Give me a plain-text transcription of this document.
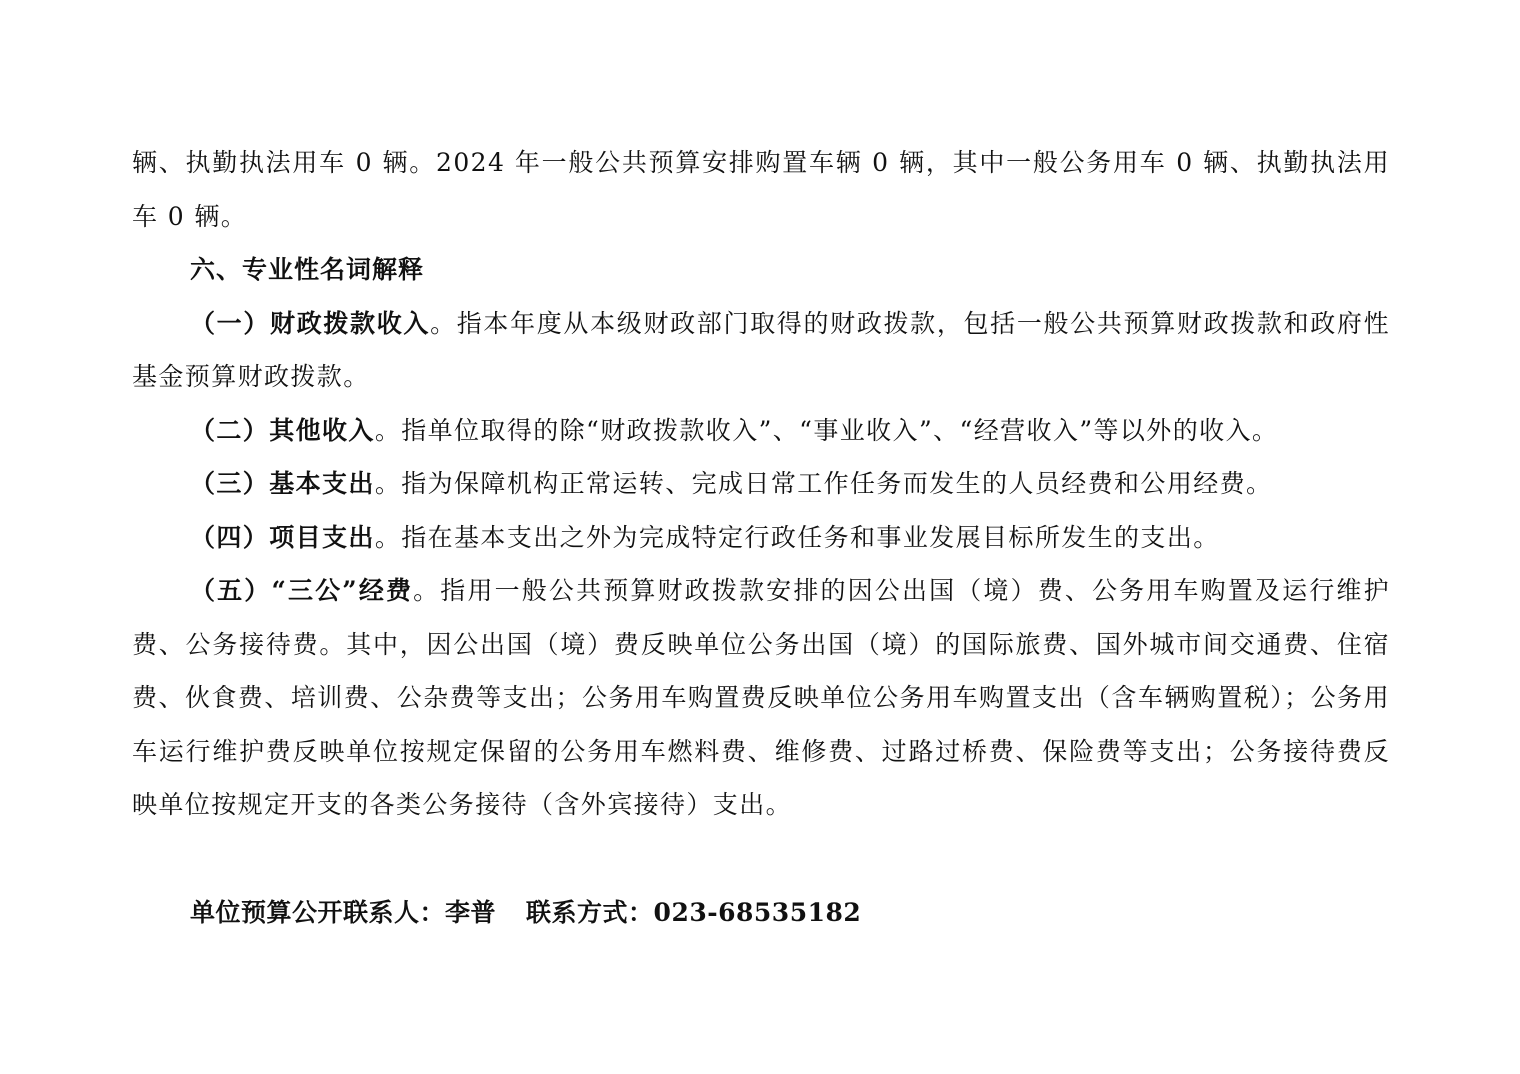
辆、执勤执法用车 0 辆。2024 年一般公共预算安排购置车辆 0 辆，其中一般公务用车 0 辆、执勤执法用车 0 辆。

六、专业性名词解释

（一）财政拨款收入。指本年度从本级财政部门取得的财政拨款，包括一般公共预算财政拨款和政府性基金预算财政拨款。

（二）其他收入。指单位取得的除“财政拨款收入”、“事业收入”、“经营收入”等以外的收入。

（三）基本支出。指为保障机构正常运转、完成日常工作任务而发生的人员经费和公用经费。

（四）项目支出。指在基本支出之外为完成特定行政任务和事业发展目标所发生的支出。

（五）“三公”经费。指用一般公共预算财政拨款安排的因公出国（境）费、公务用车购置及运行维护费、公务接待费。其中，因公出国（境）费反映单位公务出国（境）的国际旅费、国外城市间交通费、住宿费、伙食费、培训费、公杂费等支出；公务用车购置费反映单位公务用车购置支出（含车辆购置税）；公务用车运行维护费反映单位按规定保留的公务用车燃料费、维修费、过路过桥费、保险费等支出；公务接待费反映单位按规定开支的各类公务接待（含外宾接待）支出。

单位预算公开联系人：李普 联系方式：023-68535182
